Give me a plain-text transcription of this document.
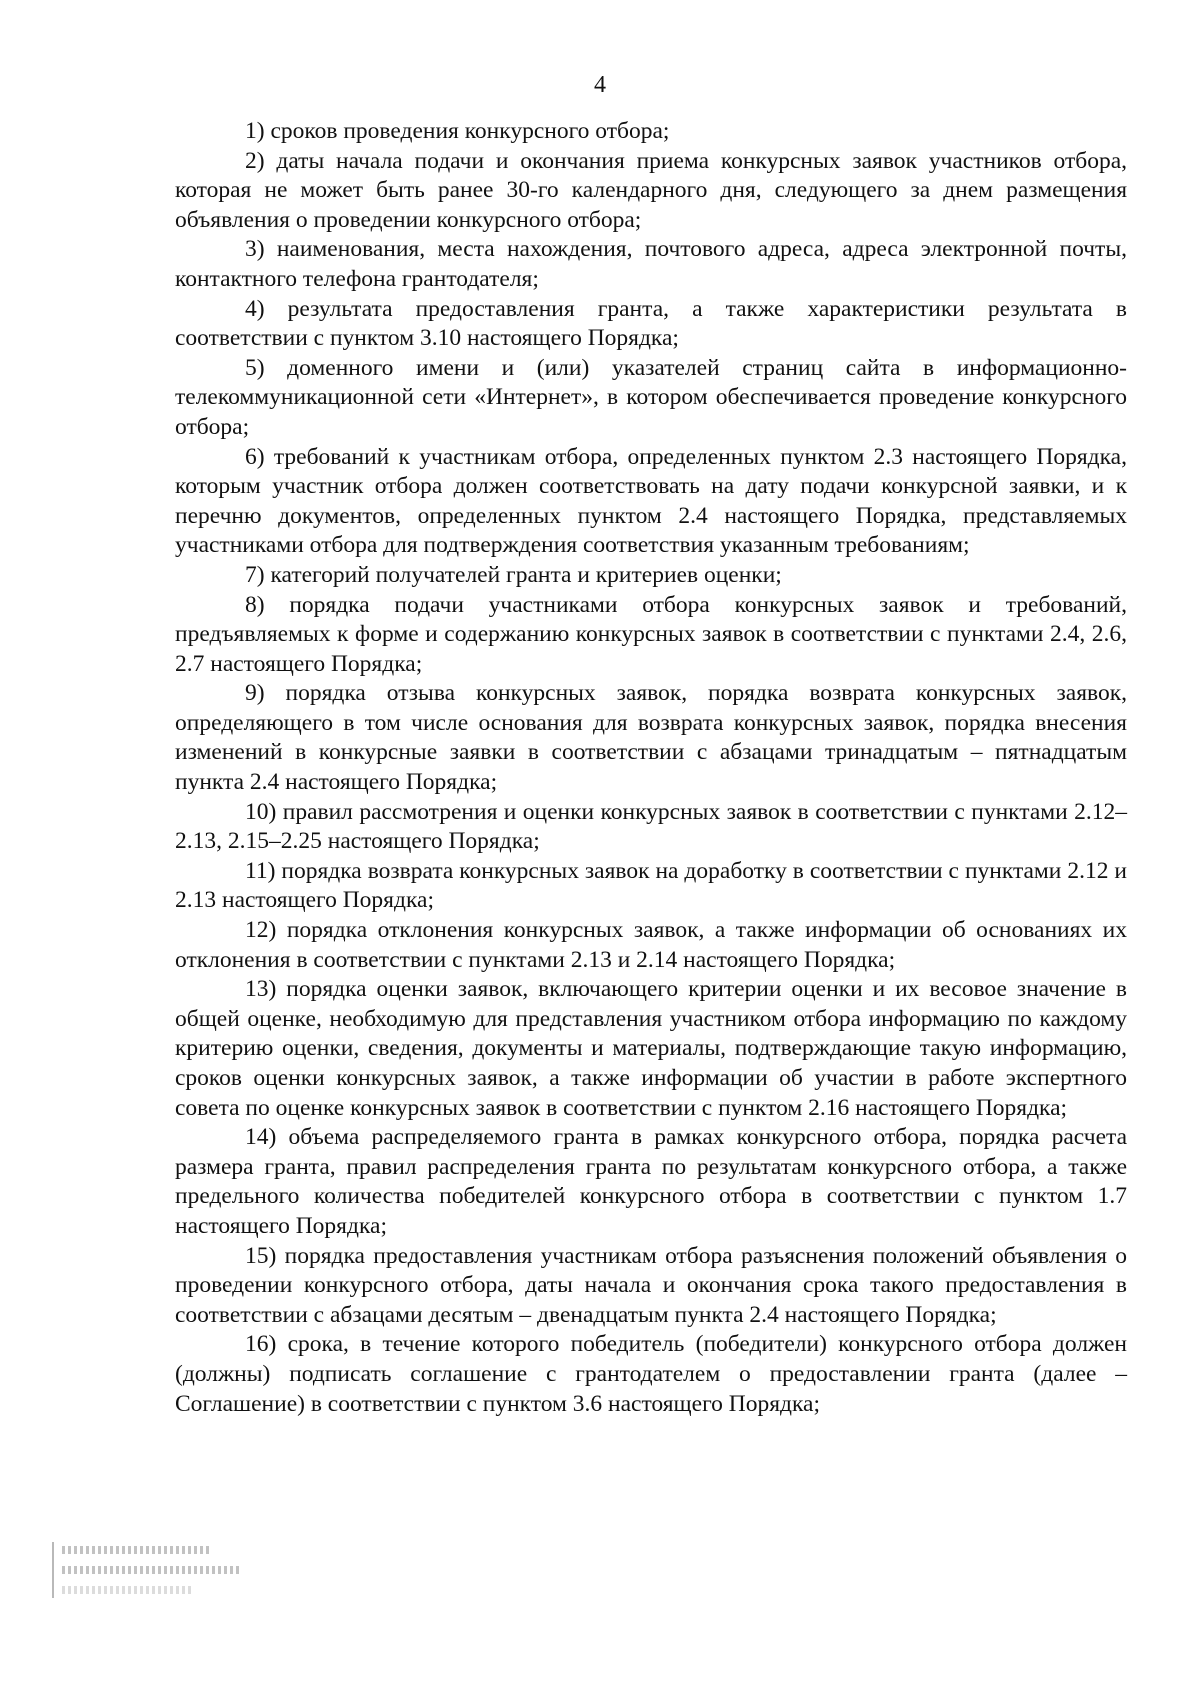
4

1) сроков проведения конкурсного отбора;

2) даты начала подачи и окончания приема конкурсных заявок участников отбора, которая не может быть ранее 30-го календарного дня, следующего за днем размещения объявления о проведении конкурсного отбора;

3) наименования, места нахождения, почтового адреса, адреса электронной почты, контактного телефона грантодателя;

4) результата предоставления гранта, а также характеристики результата в соответствии с пунктом 3.10 настоящего Порядка;

5) доменного имени и (или) указателей страниц сайта в информационно-телекоммуникационной сети «Интернет», в котором обеспечивается проведение конкурсного отбора;

6) требований к участникам отбора, определенных пунктом 2.3 настоящего Порядка, которым участник отбора должен соответствовать на дату подачи конкурсной заявки, и к перечню документов, определенных пунктом 2.4 настоящего Порядка, представляемых участниками отбора для подтверждения соответствия указанным требованиям;

7) категорий получателей гранта и критериев оценки;

8) порядка подачи участниками отбора конкурсных заявок и требований, предъявляемых к форме и содержанию конкурсных заявок в соответствии с пунктами 2.4, 2.6, 2.7 настоящего Порядка;

9) порядка отзыва конкурсных заявок, порядка возврата конкурсных заявок, определяющего в том числе основания для возврата конкурсных заявок, порядка внесения изменений в конкурсные заявки в соответствии с абзацами тринадцатым – пятнадцатым пункта 2.4 настоящего Порядка;

10) правил рассмотрения и оценки конкурсных заявок в соответствии с пунктами 2.12–2.13, 2.15–2.25 настоящего Порядка;

11) порядка возврата конкурсных заявок на доработку в соответствии с пунктами 2.12 и 2.13 настоящего Порядка;

12) порядка отклонения конкурсных заявок, а также информации об основаниях их отклонения в соответствии с пунктами 2.13 и 2.14 настоящего Порядка;

13) порядка оценки заявок, включающего критерии оценки и их весовое значение в общей оценке, необходимую для представления участником отбора информацию по каждому критерию оценки, сведения, документы и материалы, подтверждающие такую информацию, сроков оценки конкурсных заявок, а также информации об участии в работе экспертного совета по оценке конкурсных заявок в соответствии с пунктом 2.16 настоящего Порядка;

14) объема распределяемого гранта в рамках конкурсного отбора, порядка расчета размера гранта, правил распределения гранта по результатам конкурсного отбора, а также предельного количества победителей конкурсного отбора в соответствии с пунктом 1.7 настоящего Порядка;

15) порядка предоставления участникам отбора разъяснения положений объявления о проведении конкурсного отбора, даты начала и окончания срока такого предоставления в соответствии с абзацами десятым – двенадцатым пункта 2.4 настоящего Порядка;

16) срока, в течение которого победитель (победители) конкурсного отбора должен (должны) подписать соглашение с грантодателем о предоставлении гранта (далее – Соглашение) в соответствии с пунктом 3.6 настоящего Порядка;
